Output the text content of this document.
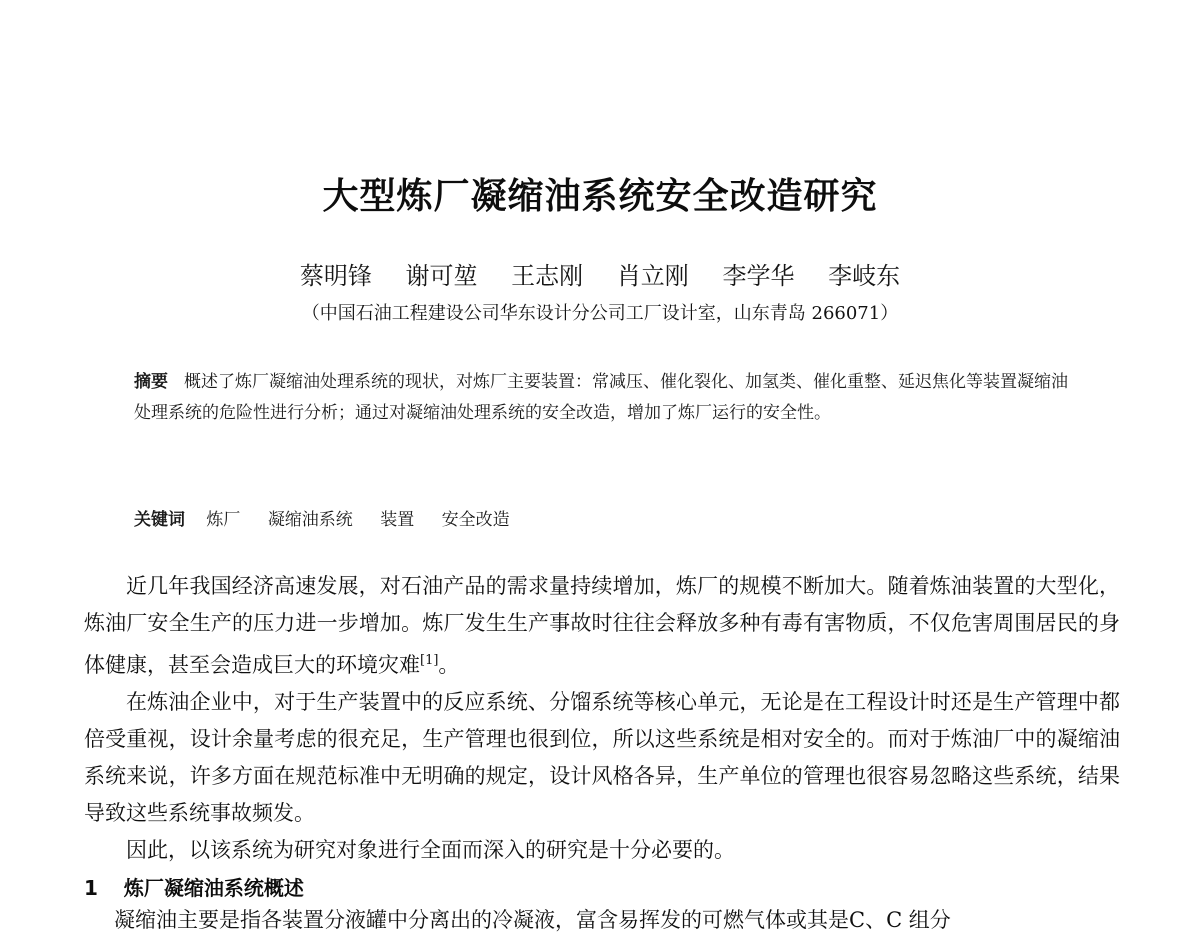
大型炼厂凝缩油系统安全改造研究
蔡明锋 谢可堃 王志刚 肖立刚 李学华 李岐东
（中国石油工程建设公司华东设计分公司工厂设计室，山东青岛 266071）
摘要 概述了炼厂凝缩油处理系统的现状，对炼厂主要装置：常减压、催化裂化、加氢类、催化重整、延迟焦化等装置凝缩油处理系统的危险性进行分析；通过对凝缩油处理系统的安全改造，增加了炼厂运行的安全性。
关键词 炼厂 凝缩油系统 装置 安全改造

近几年我国经济高速发展，对石油产品的需求量持续增加，炼厂的规模不断加大。随着炼油装置的大型化，炼油厂安全生产的压力进一步增加。炼厂发生生产事故时往往会释放多种有毒有害物质，不仅危害周围居民的身体健康，甚至会造成巨大的环境灾难[1]。

在炼油企业中，对于生产装置中的反应系统、分馏系统等核心单元，无论是在工程设计时还是生产管理中都倍受重视，设计余量考虑的很充足，生产管理也很到位，所以这些系统是相对安全的。而对于炼油厂中的凝缩油系统来说，许多方面在规范标准中无明确的规定，设计风格各异，生产单位的管理也很容易忽略这些系统，结果导致这些系统事故频发。

因此，以该系统为研究对象进行全面而深入的研究是十分必要的。

1 炼厂凝缩油系统概述
凝缩油主要是指各装置分液罐中分离出的冷凝液，富含易挥发的可燃气体或其是C、C 组分
